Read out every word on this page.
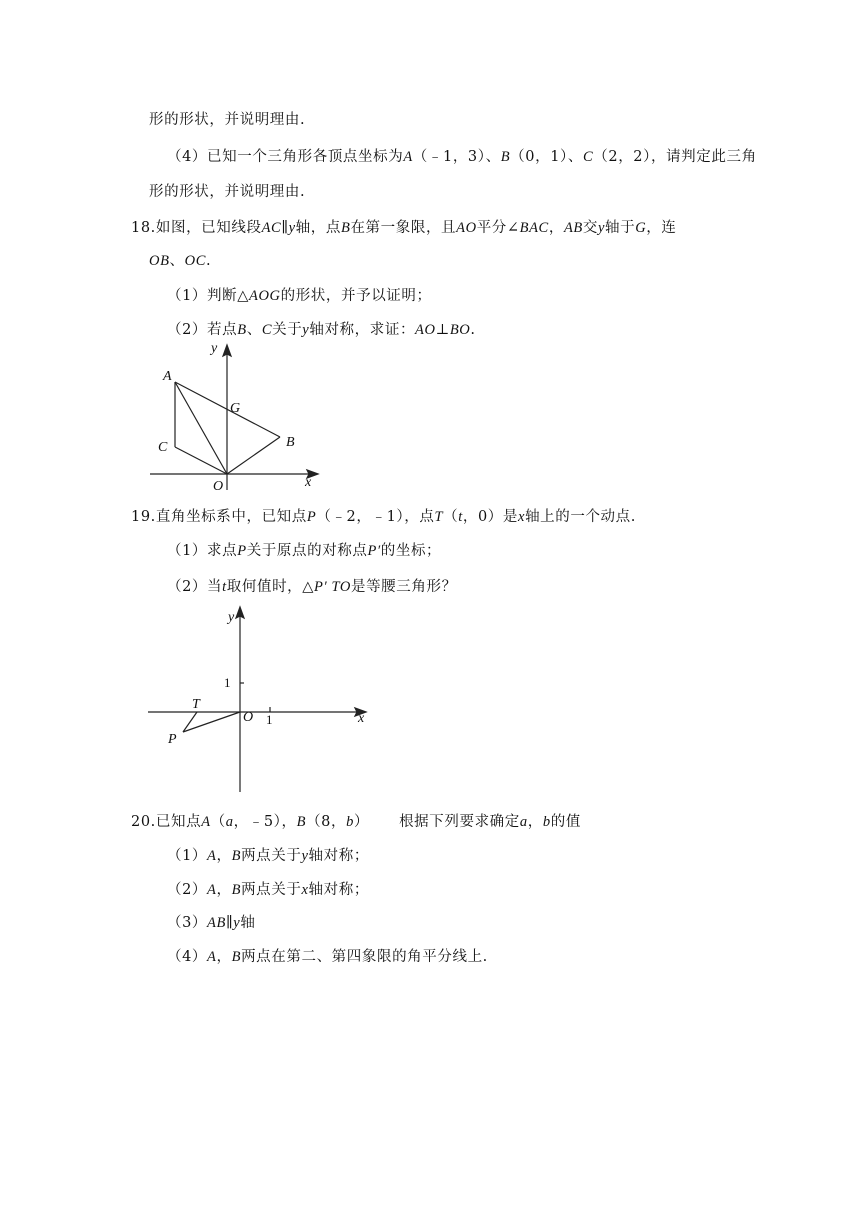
形的形状，并说明理由.
（4）已知一个三角形各顶点坐标为A（﹣1，3）、B（0，1）、C（2，2），请判定此三角
形的形状，并说明理由.
18.如图，已知线段AC∥y轴，点B在第一象限，且AO平分∠BAC，AB交y轴于G，连
OB、OC.
（1）判断△AOG的形状，并予以证明；
（2）若点B、C关于y轴对称，求证：AO⊥BO.
y
A
G
B
C
O	x
19.直角坐标系中，已知点P（﹣2，﹣1），点T（t，0）是x轴上的一个动点.
（1）求点P关于原点的对称点P′的坐标；
（2）当t取何值时，△P′ TO是等腰三角形？
y
x
T
P
O
1
1
20.已知点A（a，﹣5），B（8，b） 根据下列要求确定a，b的值
（1）A，B两点关于y轴对称；
（2）A，B两点关于x轴对称；
（3）AB∥y轴
（4）A，B两点在第二、第四象限的角平分线上.
